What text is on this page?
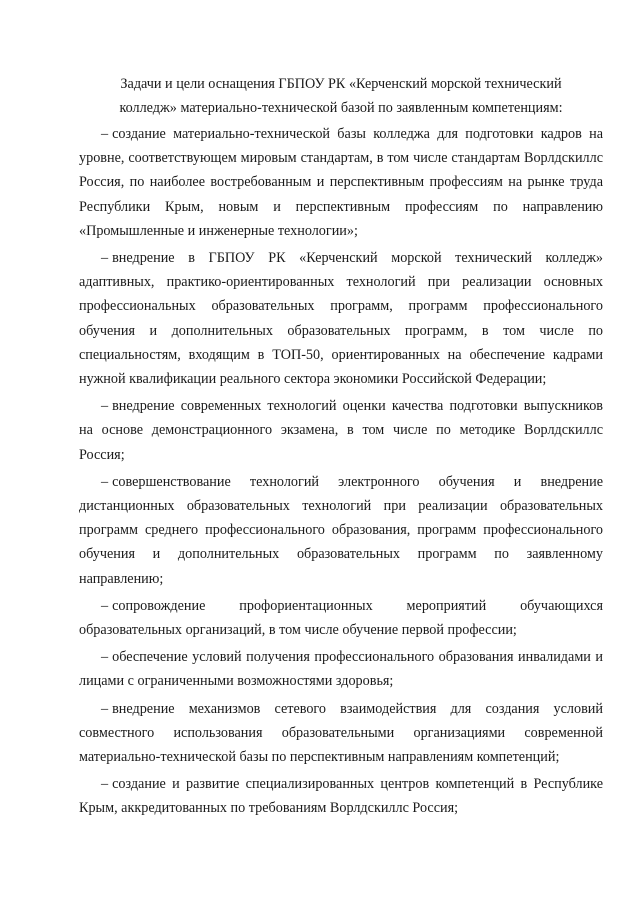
Задачи и цели оснащения ГБПОУ РК «Керченский морской технический
колледж» материально-технической базой по заявленным компетенциям:

– создание материально-технической базы колледжа для подготовки кадров на уровне, соответствующем мировым стандартам, в том числе стандартам Ворлдскиллс Россия, по наиболее востребованным и перспективным профессиям на рынке труда Республики Крым, новым и перспективным профессиям по направлению «Промышленные и инженерные технологии»;

– внедрение в ГБПОУ РК «Керченский морской технический колледж» адаптивных, практико-ориентированных технологий при реализации основных профессиональных образовательных программ, программ профессионального обучения и дополнительных образовательных программ, в том числе по специальностям, входящим в ТОП-50, ориентированных на обеспечение кадрами нужной квалификации реального сектора экономики Российской Федерации;

– внедрение современных технологий оценки качества подготовки выпускников на основе демонстрационного экзамена, в том числе по методике Ворлдскиллс Россия;

– совершенствование технологий электронного обучения и внедрение дистанционных образовательных технологий при реализации образовательных программ среднего профессионального образования, программ профессионального обучения и дополнительных образовательных программ по заявленному направлению;

– сопровождение профориентационных мероприятий обучающихся образовательных организаций, в том числе обучение первой профессии;

– обеспечение условий получения профессионального образования инвалидами и лицами с ограниченными возможностями здоровья;

– внедрение механизмов сетевого взаимодействия для создания условий совместного использования образовательными организациями современной материально-технической базы по перспективным направлениям компетенций;

– создание и развитие специализированных центров компетенций в Республике Крым, аккредитованных по требованиям Ворлдскиллс Россия;
